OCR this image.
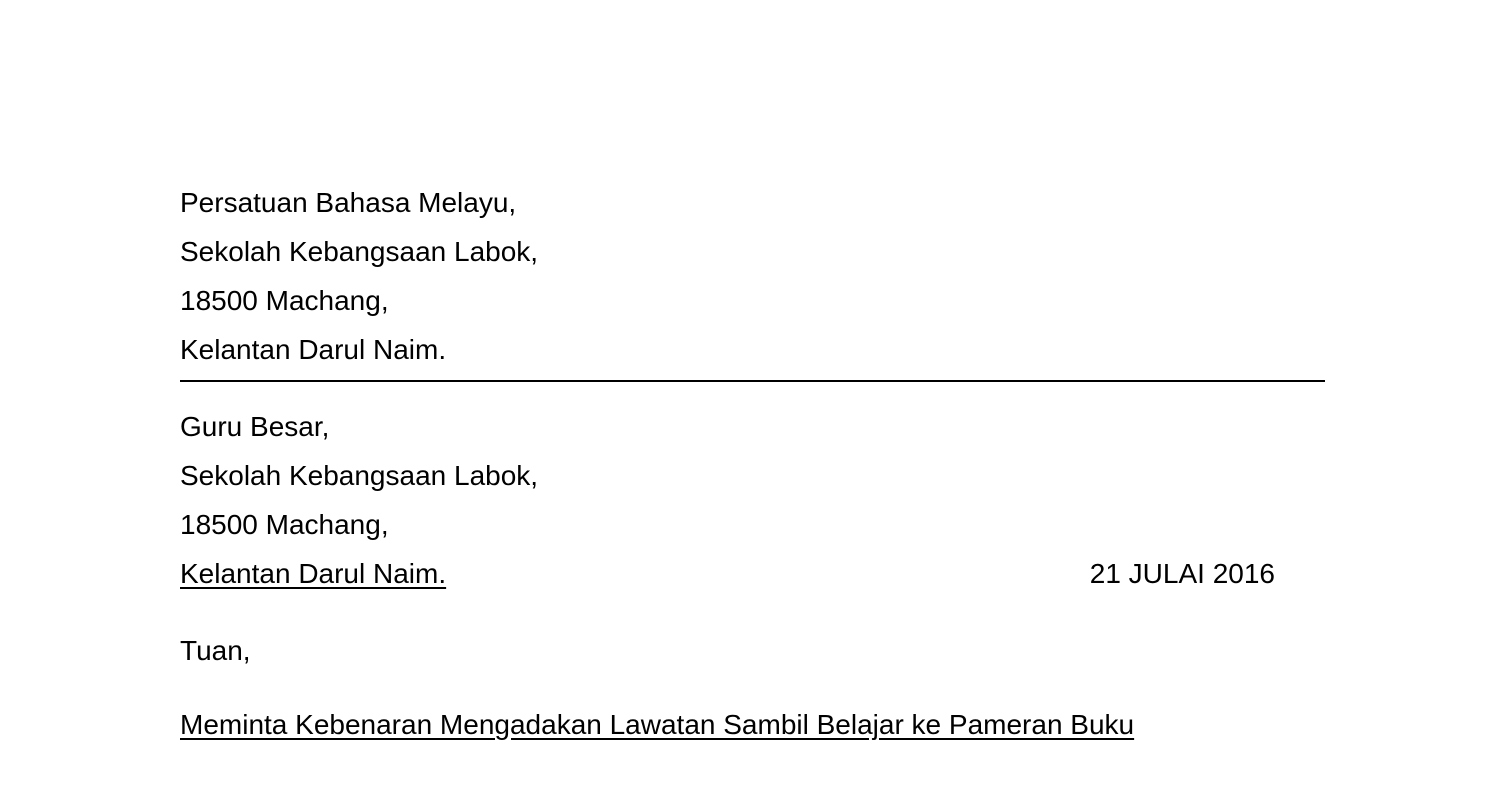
Persatuan Bahasa Melayu,
Sekolah Kebangsaan Labok,
18500 Machang,
Kelantan Darul Naim.
Guru Besar,
Sekolah Kebangsaan Labok,
18500 Machang,
Kelantan Darul Naim.	21 JULAI 2016
Tuan,
Meminta Kebenaran Mengadakan Lawatan Sambil Belajar ke Pameran Buku
